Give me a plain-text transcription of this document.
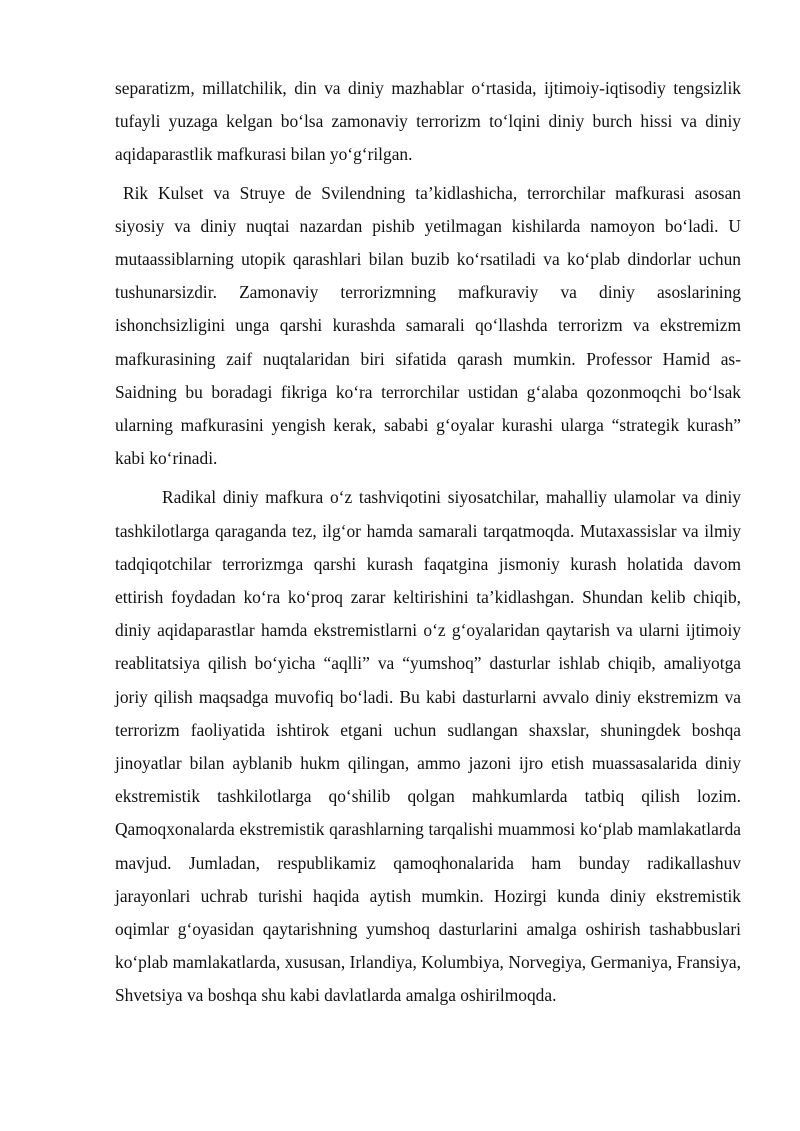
separatizm, millatchilik, din va diniy mazhablar o‘rtasida, ijtimoiy-iqtisodiy tengsizlik tufayli yuzaga kelgan bo‘lsa zamonaviy terrorizm to‘lqini diniy burch hissi va diniy aqidaparastlik mafkurasi bilan yo‘g‘rilgan.

Rik Kulset va Struye de Svilendning ta’kidlashicha, terrorchilar mafkurasi asosan siyosiy va diniy nuqtai nazardan pishib yetilmagan kishilarda namoyon bo‘ladi. U mutaassiblarning utopik qarashlari bilan buzib ko‘rsatiladi va ko‘plab dindorlar uchun tushunarsizdir. Zamonaviy terrorizmning mafkuraviy va diniy asoslarining ishonchsizligini unga qarshi kurashda samarali qo‘llashda terrorizm va ekstremizm mafkurasining zaif nuqtalaridan biri sifatida qarash mumkin. Professor Hamid as-Saidning bu boradagi fikriga ko‘ra terrorchilar ustidan g‘alaba qozonmoqchi bo‘lsak ularning mafkurasini yengish kerak, sababi g‘oyalar kurashi ularga “strategik kurash” kabi ko‘rinadi.

Radikal diniy mafkura o‘z tashviqotini siyosatchilar, mahalliy ulamolar va diniy tashkilotlarga qaraganda tez, ilg‘or hamda samarali tarqatmoqda. Mutaxassislar va ilmiy tadqiqotchilar terrorizmga qarshi kurash faqatgina jismoniy kurash holatida davom ettirish foydadan ko‘ra ko‘proq zarar keltirishini ta’kidlashgan. Shundan kelib chiqib, diniy aqidaparastlar hamda ekstremistlarni o‘z g‘oyalaridan qaytarish va ularni ijtimoiy reablitatsiya qilish bo‘yicha “aqlli” va “yumshoq” dasturlar ishlab chiqib, amaliyotga joriy qilish maqsadga muvofiq bo‘ladi. Bu kabi dasturlarni avvalo diniy ekstremizm va terrorizm faoliyatida ishtirok etgani uchun sudlangan shaxslar, shuningdek boshqa jinoyatlar bilan ayblanib hukm qilingan, ammo jazoni ijro etish muassasalarida diniy ekstremistik tashkilotlarga qo‘shilib qolgan mahkumlarda tatbiq qilish lozim. Qamoqxonalarda ekstremistik qarashlarning tarqalishi muammosi ko‘plab mamlakatlarda mavjud. Jumladan, respublikamiz qamoqhonalarida ham bunday radikallashuv jarayonlari uchrab turishi haqida aytish mumkin. Hozirgi kunda diniy ekstremistik oqimlar g‘oyasidan qaytarishning yumshoq dasturlarini amalga oshirish tashabbuslari ko‘plab mamlakatlarda, xususan, Irlandiya, Kolumbiya, Norvegiya, Germaniya, Fransiya, Shvetsiya va boshqa shu kabi davlatlarda amalga oshirilmoqda.
